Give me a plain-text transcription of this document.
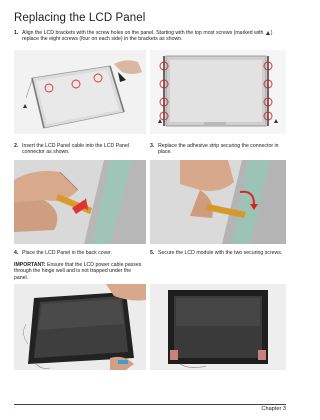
Replacing the LCD Panel
1. Align the LCD brackets with the screw holes on the panel. Starting with the top most screws (marked with ) replace the eight screws (four on each side) in the brackets as shown.
2. Insert the LCD Panel cable into the LCD Panel connector as shown.
3. Replace the adhesive strip securing the connector in place.
4. Place the LCD Panel in the back cover.
IMPORTANT: Ensure that the LCD power cable passes through the hinge well and is not trapped under the panel.
5. Secure the LCD module with the two securing screws.
'	Chapter 3
